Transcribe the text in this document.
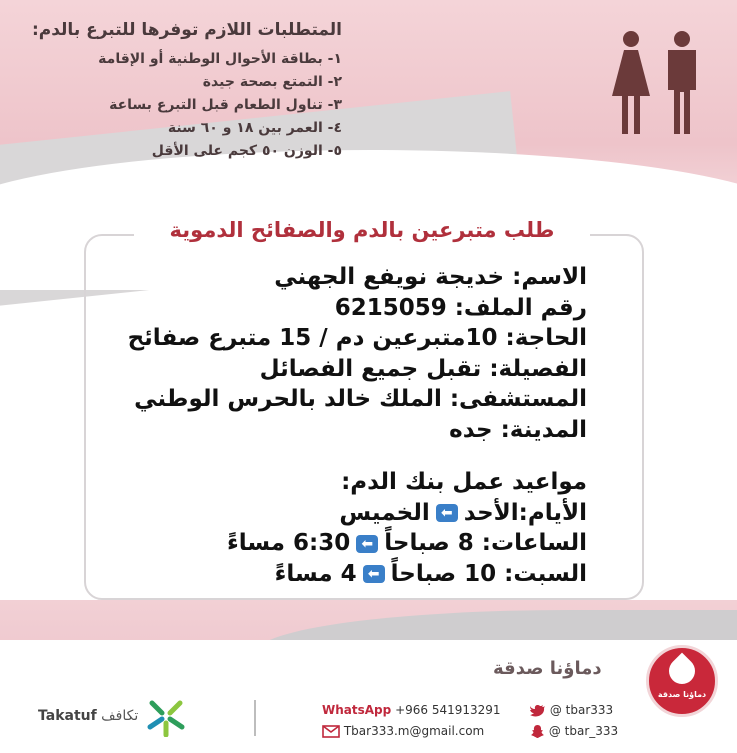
المتطلبات اللازم توفرها للتبرع بالدم:
١- بطاقة الأحوال الوطنية أو الإقامة
٢- التمتع بصحة جيدة
٣- تناول الطعام قبل التبرع بساعة
٤- العمر بين ١٨ و ٦٠ سنة
٥- الوزن ٥٠ كجم على الأقل
طلب متبرعين بالدم والصفائح الدموية
الاسم: خديجة نويفع الجهني
رقم الملف: 6215059
الحاجة: 10متبرعين دم / 15 متبرع صفائح
الفصيلة: تقبل جميع الفصائل
المستشفى: الملك خالد بالحرس الوطني
المدينة: جده
مواعيد عمل بنك الدم:
الأيام:الأحد⬅الخميس
الساعات: 8 صباحاً⬅6:30 مساءً
السبت: 10 صباحاً⬅4 مساءً
دماؤنا صدقة
دماؤنا صدقة
WhatsApp +966 541913291
Tbar333.m@gmail.com
@ tbar333
@ tbar_333
Takatuf تكافف
